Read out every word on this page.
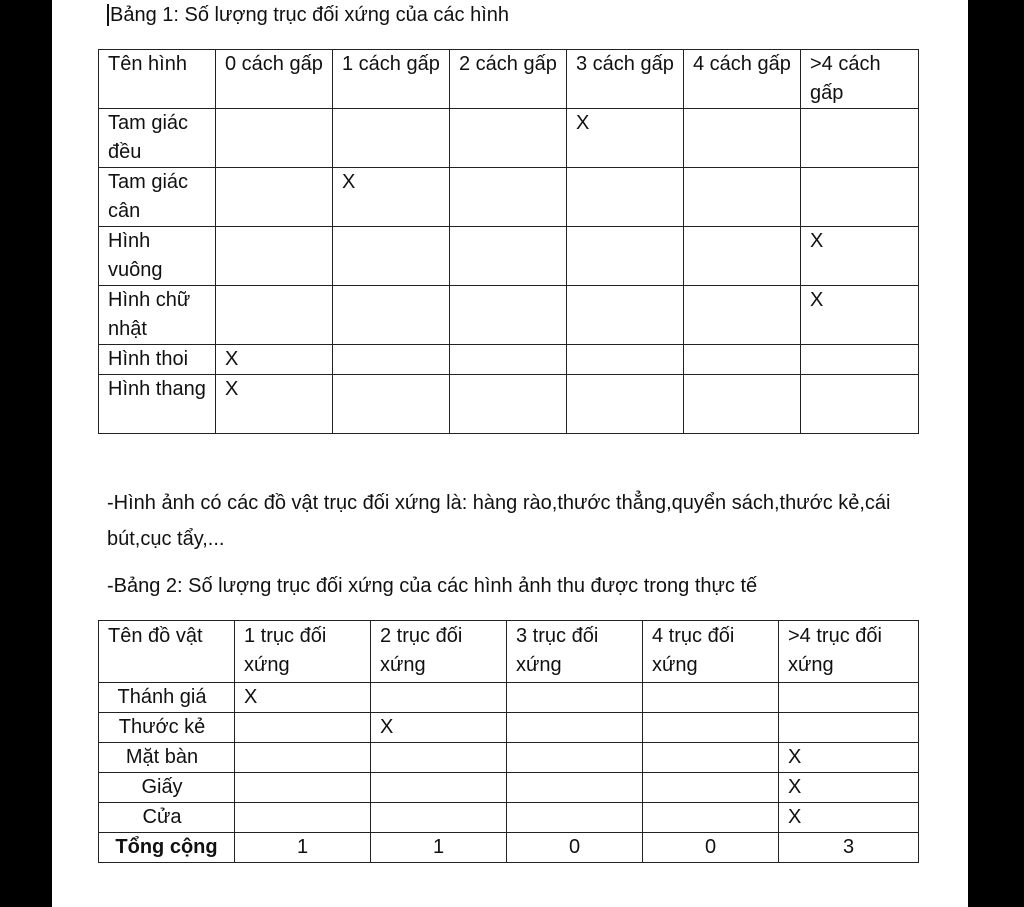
Bảng 1: Số lượng trục đối xứng của các hình
Tên hình	0 cách gấp	1 cách gấp	2 cách gấp	3 cách gấp	4 cách gấp	>4 cách gấp
Tam giác đều				X		
Tam giác cân		X				
Hình vuông						X
Hình chữ nhật						X
Hình thoi	X					
Hình thang	X					
-Hình ảnh có các đồ vật trục đối xứng là: hàng rào,thước thẳng,quyển sách,thước kẻ,cái bút,cục tẩy,...
-Bảng 2: Số lượng trục đối xứng của các hình ảnh thu được trong thực tế
Tên đồ vật	1 trục đối xứng	2 trục đối xứng	3 trục đối xứng	4 trục đối xứng	>4 trục đối xứng
Thánh giá	X				
Thước kẻ		X			
Mặt bàn					X
Giấy					X
Cửa					X
Tổng cộng	1	1	0	0	3
